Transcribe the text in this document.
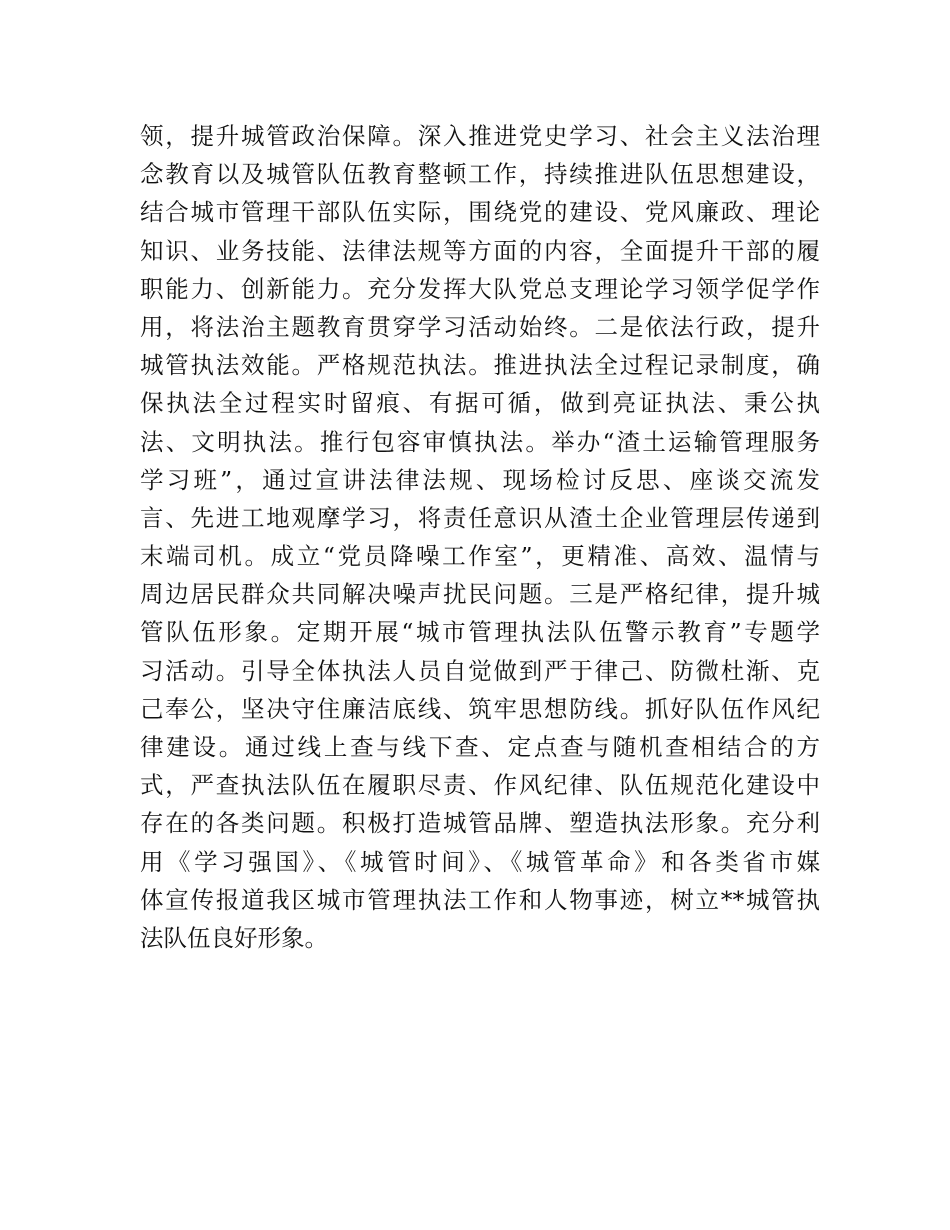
领，提升城管政治保障。深入推进党史学习、社会主义法治理
念教育以及城管队伍教育整顿工作，持续推进队伍思想建设，
结合城市管理干部队伍实际，围绕党的建设、党风廉政、理论
知识、业务技能、法律法规等方面的内容，全面提升干部的履
职能力、创新能力。充分发挥大队党总支理论学习领学促学作
用，将法治主题教育贯穿学习活动始终。二是依法行政，提升
城管执法效能。严格规范执法。推进执法全过程记录制度，确
保执法全过程实时留痕、有据可循，做到亮证执法、秉公执
法、文明执法。推行包容审慎执法。举办“渣土运输管理服务
学习班”，通过宣讲法律法规、现场检讨反思、座谈交流发
言、先进工地观摩学习，将责任意识从渣土企业管理层传递到
末端司机。成立“党员降噪工作室”，更精准、高效、温情与
周边居民群众共同解决噪声扰民问题。三是严格纪律，提升城
管队伍形象。定期开展“城市管理执法队伍警示教育”专题学
习活动。引导全体执法人员自觉做到严于律己、防微杜渐、克
己奉公，坚决守住廉洁底线、筑牢思想防线。抓好队伍作风纪
律建设。通过线上查与线下查、定点查与随机查相结合的方
式，严查执法队伍在履职尽责、作风纪律、队伍规范化建设中
存在的各类问题。积极打造城管品牌、塑造执法形象。充分利
用《学习强国》、《城管时间》、《城管革命》和各类省市媒
体宣传报道我区城市管理执法工作和人物事迹，树立**城管执
法队伍良好形象。
